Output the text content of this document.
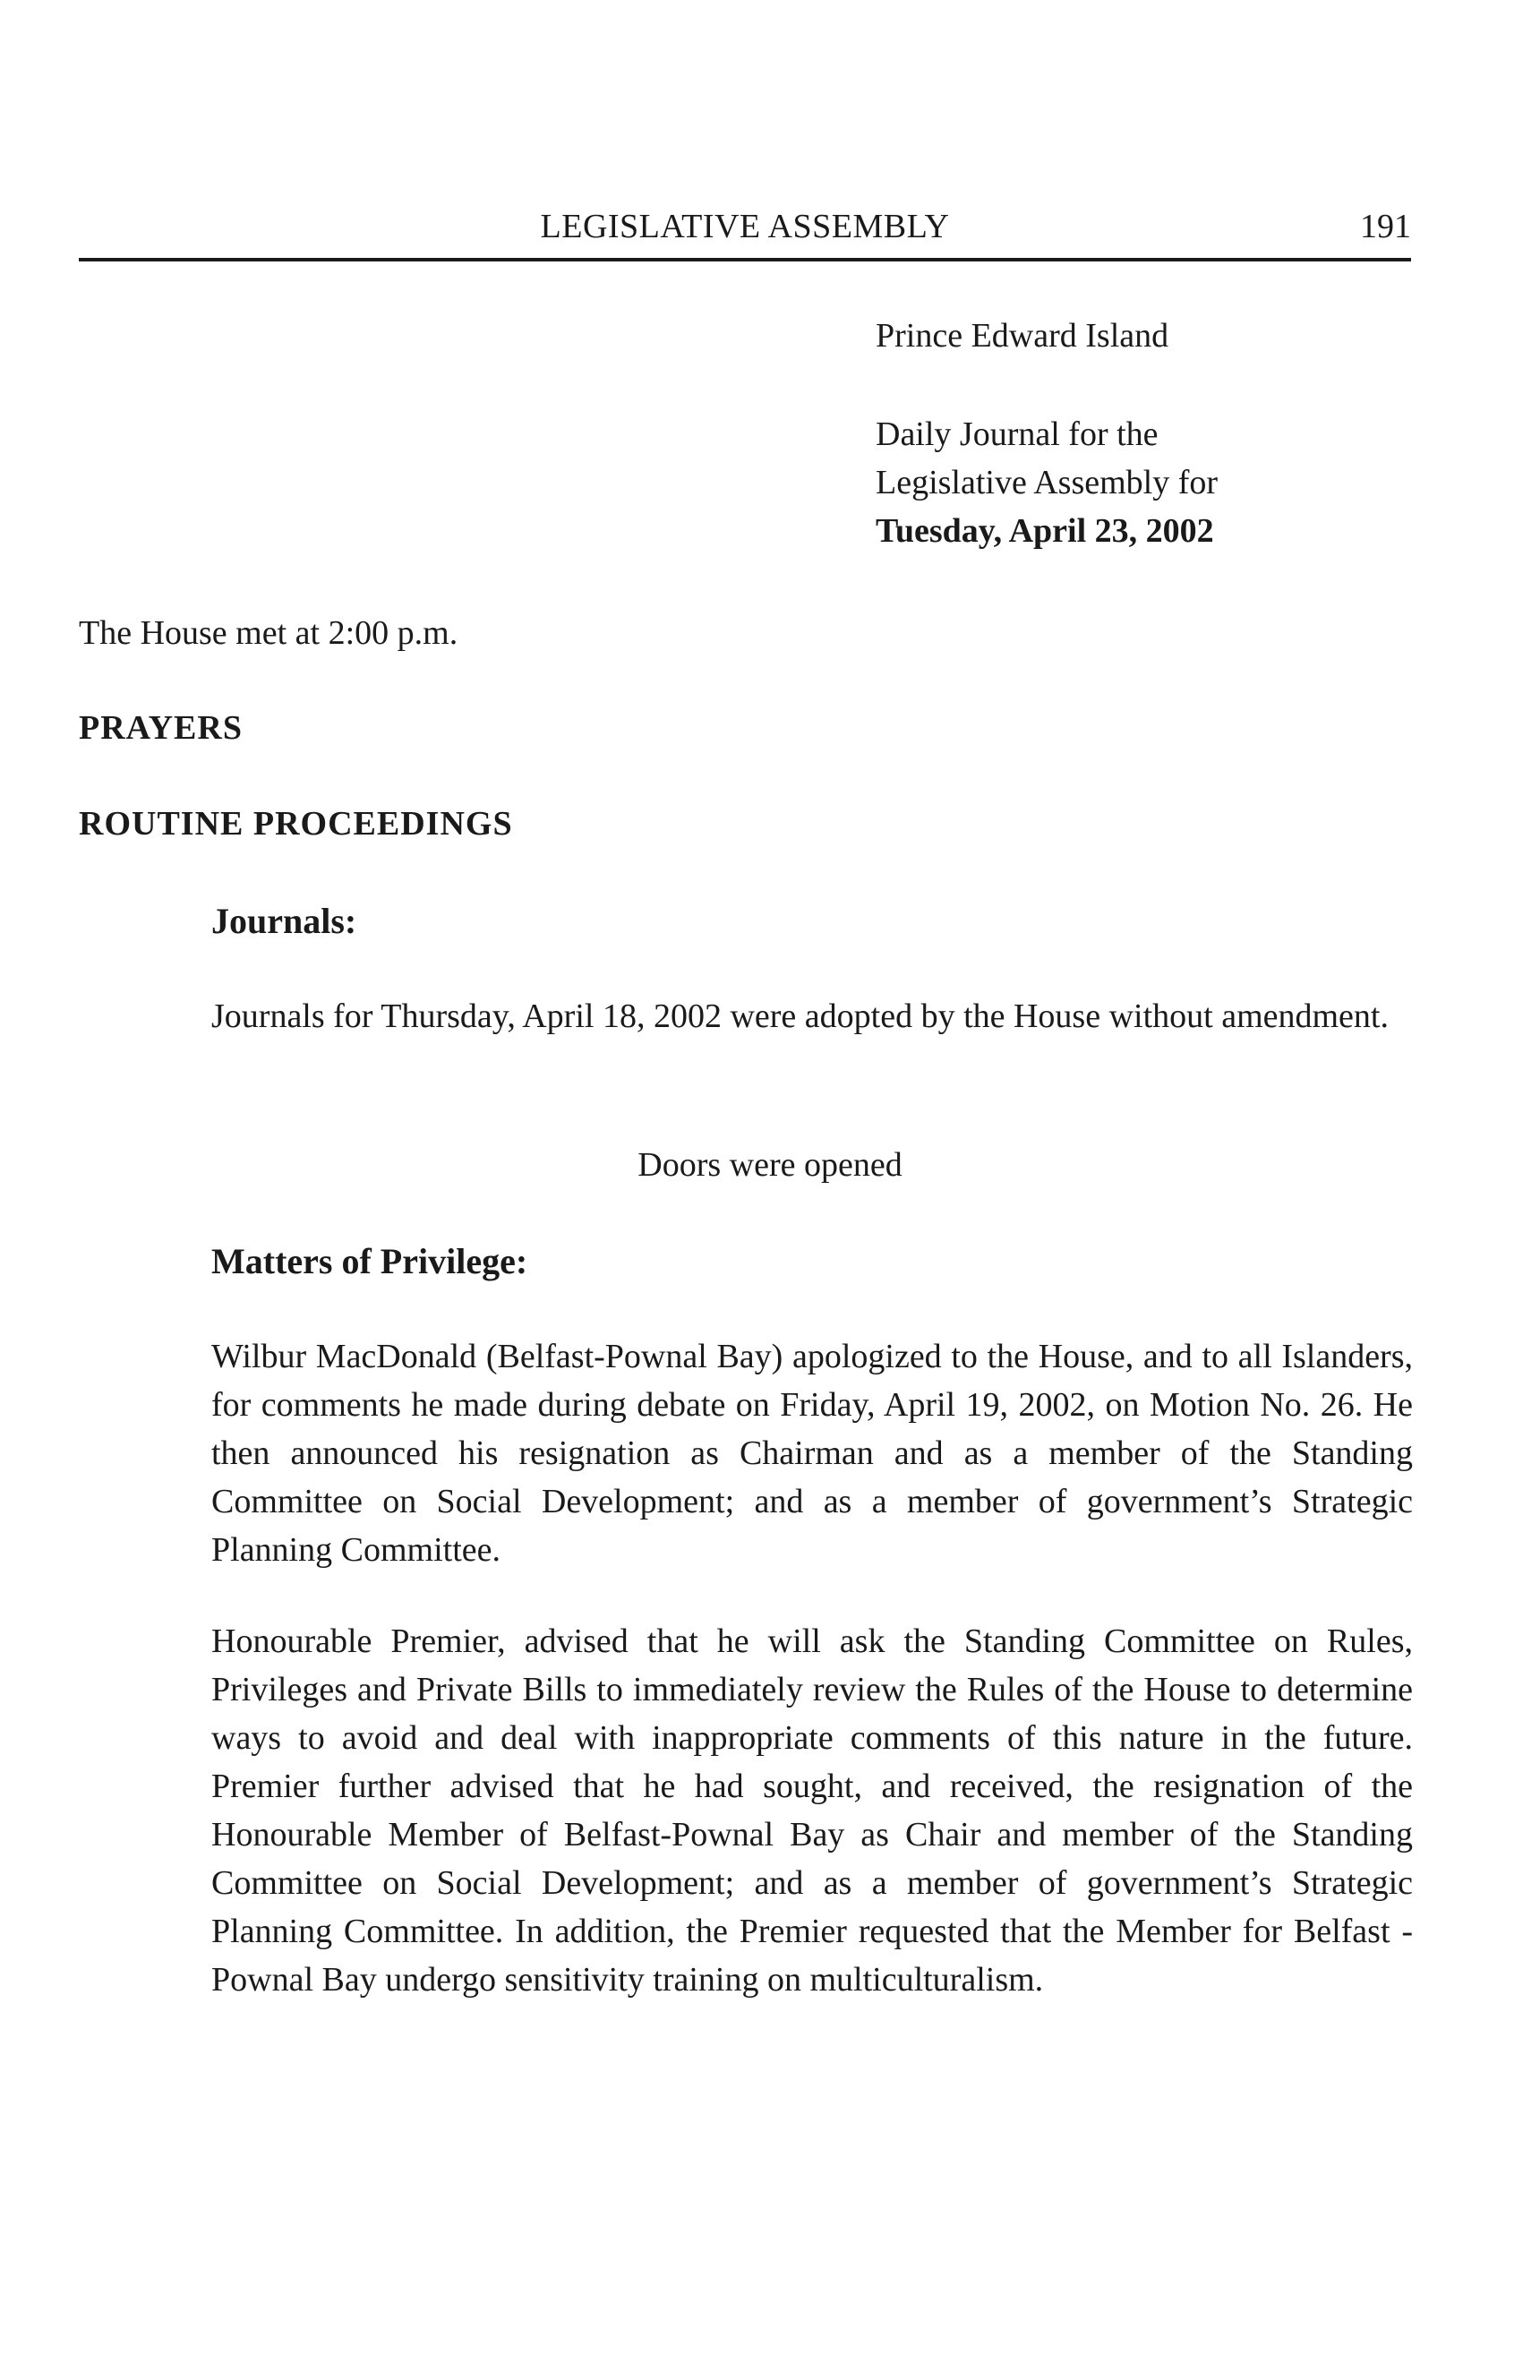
LEGISLATIVE ASSEMBLY	191

Prince Edward Island

Daily Journal for the

Legislative Assembly for

Tuesday, April 23, 2002

The House met at 2:00 p.m.

PRAYERS

ROUTINE PROCEEDINGS

Journals:

Journals for Thursday, April 18, 2002 were adopted by the House without amendment.

Doors were opened

Matters of Privilege:

Wilbur MacDonald (Belfast-Pownal Bay) apologized to the House, and to all Islanders, for comments he made during debate on Friday, April 19, 2002, on Motion No. 26. He then announced his resignation as Chairman and as a member of the Standing Committee on Social Development; and as a member of government’s Strategic Planning Committee.

Honourable Premier, advised that he will ask the Standing Committee on Rules, Privileges and Private Bills to immediately review the Rules of the House to determine ways to avoid and deal with inappropriate comments of this nature in the future. Premier further advised that he had sought, and received, the resignation of the Honourable Member of Belfast-Pownal Bay as Chair and member of the Standing Committee on Social Development; and as a member of government’s Strategic Planning Committee. In addition, the Premier requested that the Member for Belfast - Pownal Bay undergo sensitivity training on multiculturalism.
